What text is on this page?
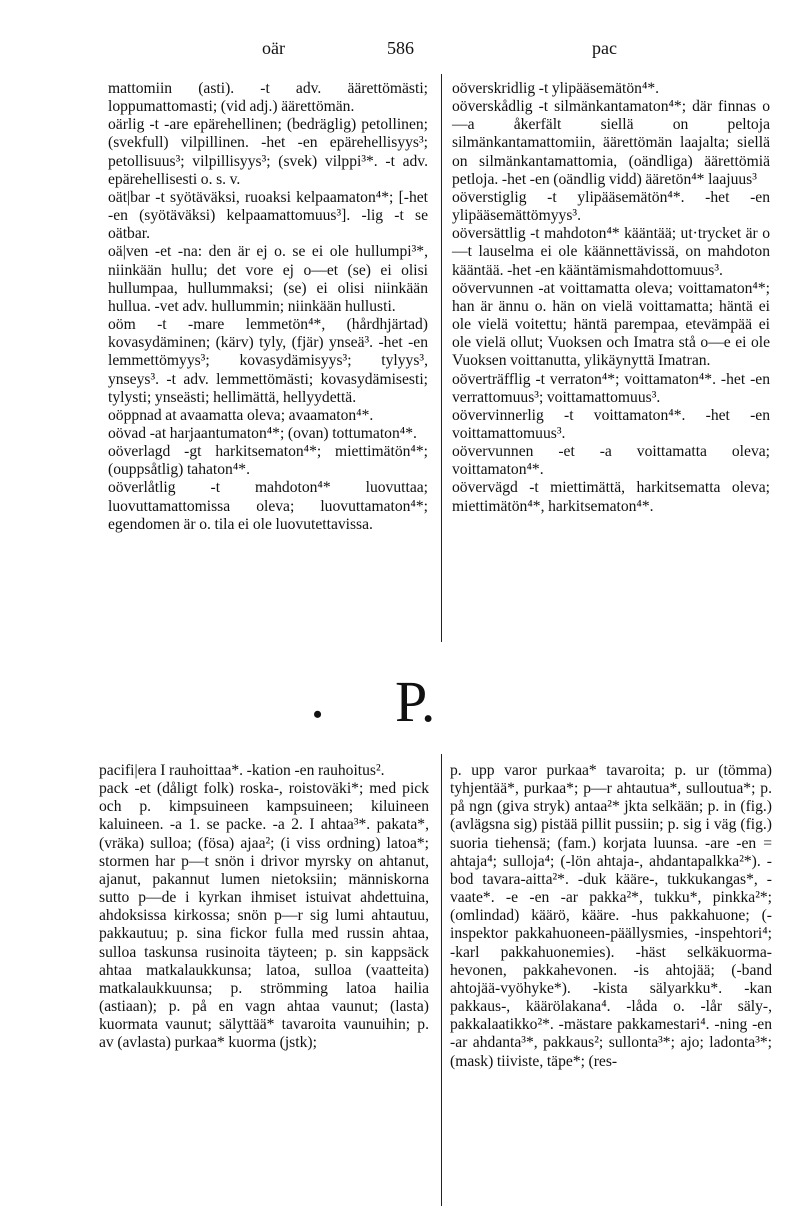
oär	586	pac

mattomiin (asti). -t adv. äärettömästi; loppumattomasti; (vid adj.) äärettömän.

oärlig -t -are epärehellinen; (bedräglig) petollinen; (svekfull) vilpillinen. -het -en epärehellisyys³; petollisuus³; vilpillisyys³; (svek) vilppi³*. -t adv. epärehellisesti o. s. v.

oät|bar -t syötäväksi, ruoaksi kelpaamaton⁴*; [-het -en (syötäväksi) kelpaamattomuus³]. -lig -t se oätbar.

oä|ven -et -na: den är ej o. se ei ole hullumpi³*, niinkään hullu; det vore ej o—et (se) ei olisi hullumpaa, hullummaksi; (se) ei olisi niinkään hullua. -vet adv. hullummin; niinkään hullusti.

oöm -t -mare lemmetön⁴*, (hårdhjärtad) kovasydäminen; (kärv) tyly, (fjär) ynseä³. -het -en lemmettömyys³; kovasydämisyys³; tylyys³, ynseys³. -t adv. lemmettömästi; kovasydämisesti; tylysti; ynseästi; hellimättä, hellyydettä.

oöppnad at avaamatta oleva; avaamaton⁴*.

oövad -at harjaantumaton⁴*; (ovan) tottumaton⁴*.

oöverlagd -gt harkitsematon⁴*; miettimätön⁴*; (ouppsåtlig) tahaton⁴*.

oöverlåtlig -t mahdoton⁴* luovuttaa; luovuttamattomissa oleva; luovuttamaton⁴*; egendomen är o. tila ei ole luovutettavissa.

oöverskridlig -t ylipääsemätön⁴*.

oöverskådlig -t silmänkantamaton⁴*; där finnas o—a åkerfält siellä on peltoja silmänkantamattomiin, äärettömän laajalta; siellä on silmänkantamattomia, (oändliga) äärettömiä petloja. -het -en (oändlig vidd) ääretön⁴* laajuus³

oöverstiglig -t ylipääsemätön⁴*. -het -en ylipääsemättömyys³.

oöversättlig -t mahdoton⁴* kääntää; ut·trycket är o—t lauselma ei ole käännettävissä, on mahdoton kääntää. -het -en kääntämismahdottomuus³.

oövervunnen -at voittamatta oleva; voittamaton⁴*; han är ännu o. hän on vielä voittamatta; häntä ei ole vielä voitettu; häntä parempaa, etevämpää ei ole vielä ollut; Vuoksen och Imatra stå o—e ei ole Vuoksen voittanutta, ylikäynyttä Imatran.

oöverträfflig -t verraton⁴*; voittamaton⁴*. -het -en verrattomuus³; voittamattomuus³.

oövervinnerlig -t voittamaton⁴*. -het -en voittamattomuus³.

oövervunnen -et -a voittamatta oleva; voittamaton⁴*.

oövervägd -t miettimättä, harkitsematta oleva; miettimätön⁴*, harkitsematon⁴*.

• P.

pacifi|era I rauhoittaa*. -kation -en rauhoitus².

pack -et (dåligt folk) roska-, roistoväki*; med pick och p. kimpsuineen kampsuineen; kiluineen kaluineen. -a 1. se packe. -a 2. I ahtaa³*. pakata*, (vräka) sulloa; (fösa) ajaa²; (i viss ordning) latoa*; stormen har p—t snön i drivor myrsky on ahtanut, ajanut, pakannut lumen nietoksiin; människorna sutto p—de i kyrkan ihmiset istuivat ahdettuina, ahdoksissa kirkossa; snön p—r sig lumi ahtautuu, pakkautuu; p. sina fickor fulla med russin ahtaa, sulloa taskunsa rusinoita täyteen; p. sin kappsäck ahtaa matkalaukkunsa; latoa, sulloa (vaatteita) matkalaukkuunsa; p. strömming latoa hailia (astiaan); p. på en vagn ahtaa vaunut; (lasta) kuormata vaunut; sälyttää* tavaroita vaunuihin; p. av (avlasta) purkaa* kuorma (jstk);

p. upp varor purkaa* tavaroita; p. ur (tömma) tyhjentää*, purkaa*; p—r ahtautua*, sulloutua*; p. på ngn (giva stryk) antaa²* jkta selkään; p. in (fig.) (avlägsna sig) pistää pillit pussiin; p. sig i väg (fig.) suoria tiehensä; (fam.) korjata luunsa. -are -en = ahtaja⁴; sulloja⁴; (-lön ahtaja-, ahdantapalkka²*). -bod tavara-aitta²*. -duk kääre-, tukkukangas*, -vaate*. -e -en -ar pakka²*, tukku*, pinkka²*; (omlindad) käärö, kääre. -hus pakkahuone; (-inspektor pakkahuoneen-päällysmies, -inspehtori⁴; -karl pakkahuonemies). -häst selkäkuorma-hevonen, pakkahevonen. -is ahtojää; (-band ahtojää-vyöhyke*). -kista sälyarkku*. -kan pakkaus-, käärölakana⁴. -låda o. -lår säly-, pakkalaatikko²*. -mästare pakkamestari⁴. -ning -en -ar ahdanta³*, pakkaus²; sullonta³*; ajo; ladonta³*; (mask) tiiviste, täpe*; (res-
